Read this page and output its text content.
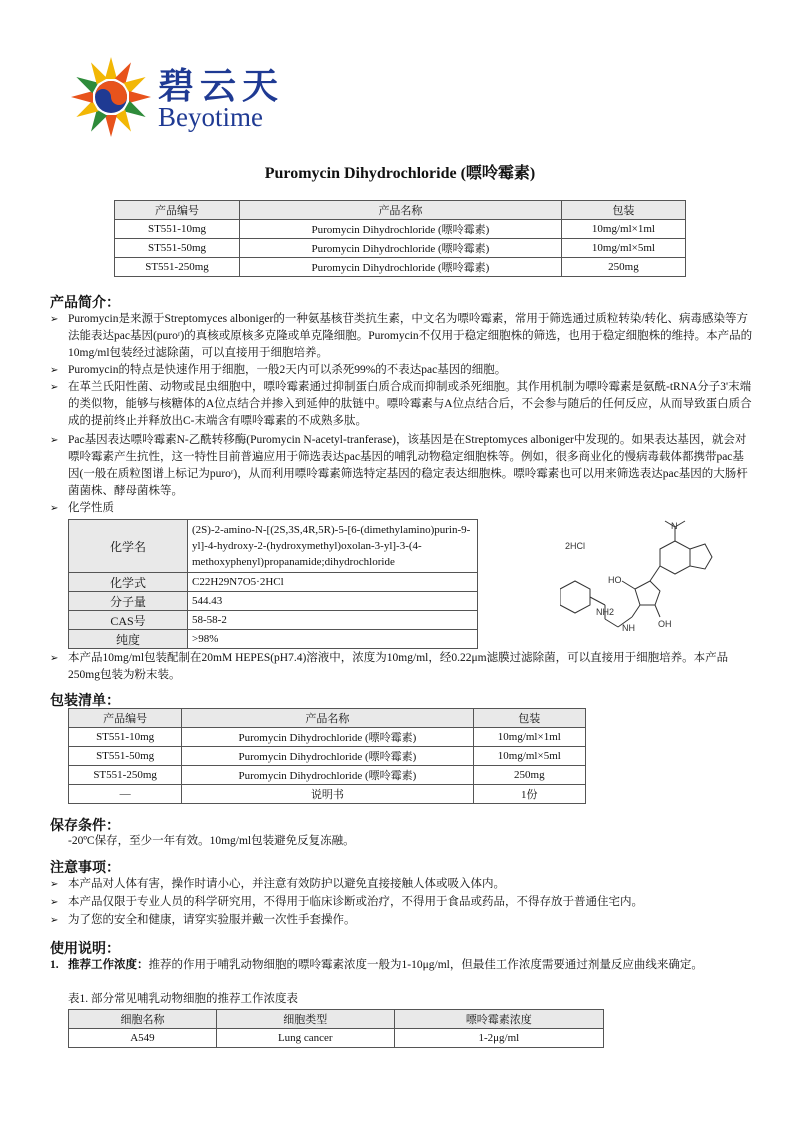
碧云天
Beyotime
Puromycin Dihydrochloride (嘌呤霉素)
产品编号	产品名称	包装
ST551-10mg	Puromycin Dihydrochloride (嘌呤霉素)	10mg/ml×1ml
ST551-50mg	Puromycin Dihydrochloride (嘌呤霉素)	10mg/ml×5ml
ST551-250mg	Puromycin Dihydrochloride (嘌呤霉素)	250mg
产品简介：
➢ Puromycin是来源于Streptomyces alboniger的一种氨基核苷类抗生素，中文名为嘌呤霉素，常用于筛选通过质粒转染/转化、病毒感染等方法能表达pac基因(puroʳ)的真核或原核多克隆或单克隆细胞。Puromycin不仅用于稳定细胞株的筛选，也用于稳定细胞株的维持。本产品的10mg/ml包装经过滤除菌，可以直接用于细胞培养。
➢ Puromycin的特点是快速作用于细胞，一般2天内可以杀死99%的不表达pac基因的细胞。
➢ 在革兰氏阳性菌、动物或昆虫细胞中，嘌呤霉素通过抑制蛋白质合成而抑制或杀死细胞。其作用机制为嘌呤霉素是氨酰-tRNA分子3'末端的类似物，能够与核糖体的A位点结合并掺入到延伸的肽链中。嘌呤霉素与A位点结合后，不会参与随后的任何反应，从而导致蛋白质合成的提前终止并释放出C-末端含有嘌呤霉素的不成熟多肽。
➢ Pac基因表达嘌呤霉素N-乙酰转移酶(Puromycin N-acetyl-tranferase)，该基因是在Streptomyces alboniger中发现的。如果表达基因，就会对嘌呤霉素产生抗性，这一特性目前普遍应用于筛选表达pac基因的哺乳动物稳定细胞株等。例如，很多商业化的慢病毒载体都携带pac基因(一般在质粒图谱上标记为puroʳ)，从而利用嘌呤霉素筛选特定基因的稳定表达细胞株。嘌呤霉素也可以用来筛选表达pac基因的大肠杆菌菌株、酵母菌株等。
➢ 化学性质
化学名	(2S)-2-amino-N-[(2S,3S,4R,5R)-5-[6-(dimethylamino)purin-9-yl]-4-hydroxy-2-(hydroxymethyl)oxolan-3-yl]-3-(4-methoxyphenyl)propanamide;dihydrochloride
化学式	C22H29N7O5·2HCl
分子量	544.43
CAS号	58-58-2
纯度	>98%
2HCl
HO
OH
NH2
NH
N
➢ 本产品10mg/ml包装配制在20mM HEPES(pH7.4)溶液中，浓度为10mg/ml，经0.22μm滤膜过滤除菌，可以直接用于细胞培养。本产品250mg包装为粉末装。
包装清单：
产品编号	产品名称	包装
ST551-10mg	Puromycin Dihydrochloride (嘌呤霉素)	10mg/ml×1ml
ST551-50mg	Puromycin Dihydrochloride (嘌呤霉素)	10mg/ml×5ml
ST551-250mg	Puromycin Dihydrochloride (嘌呤霉素)	250mg
—	说明书	1份
保存条件：
-20ºC保存，至少一年有效。10mg/ml包装避免反复冻融。
注意事项：
➢ 本产品对人体有害，操作时请小心，并注意有效防护以避免直接接触人体或吸入体内。
➢ 本产品仅限于专业人员的科学研究用，不得用于临床诊断或治疗，不得用于食品或药品，不得存放于普通住宅内。
➢ 为了您的安全和健康，请穿实验服并戴一次性手套操作。
使用说明：
1. 推荐工作浓度：推荐的作用于哺乳动物细胞的嘌呤霉素浓度一般为1-10μg/ml，但最佳工作浓度需要通过剂量反应曲线来确定。
表1. 部分常见哺乳动物细胞的推荐工作浓度表
细胞名称	细胞类型	嘌呤霉素浓度
A549	Lung cancer	1-2μg/ml
